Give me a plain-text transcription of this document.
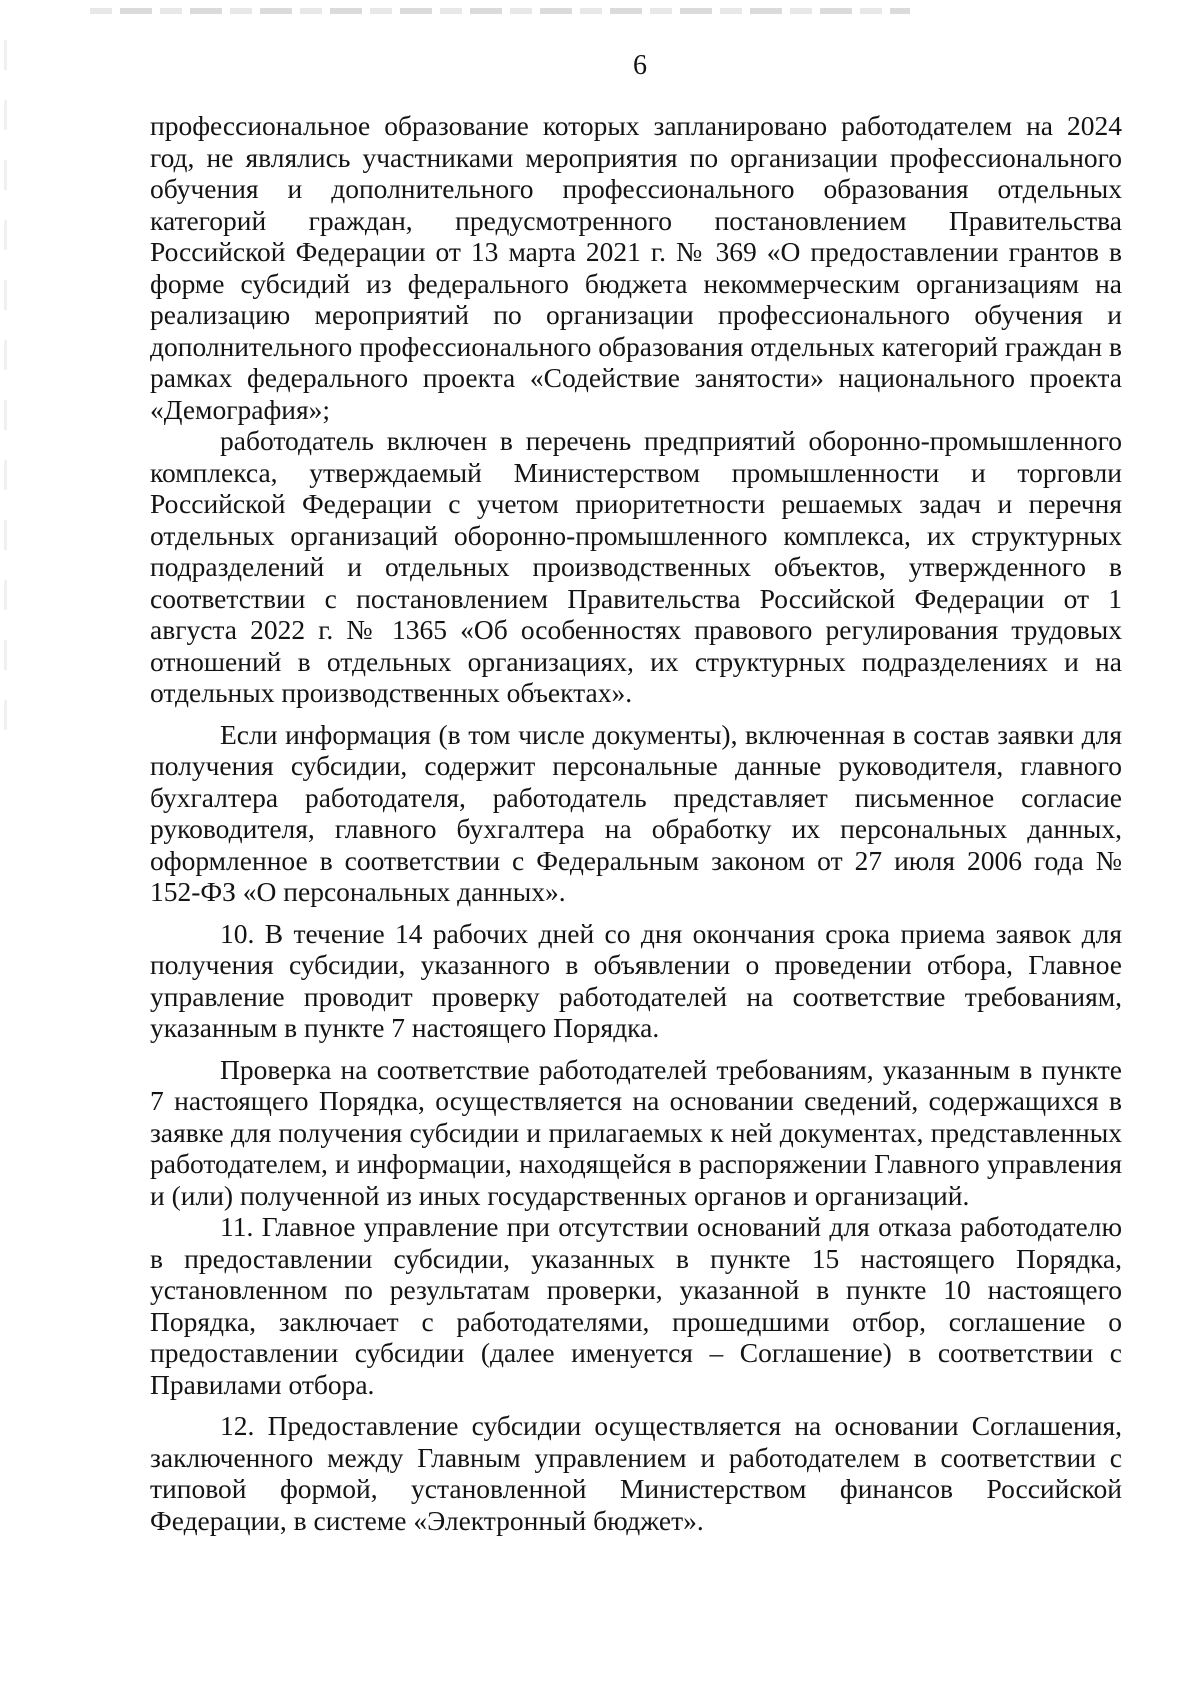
6

профессиональное образование которых запланировано работодателем на 2024 год, не являлись участниками мероприятия по организации профессионального обучения и дополнительного профессионального образования отдельных категорий граждан, предусмотренного постановлением Правительства Российской Федерации от 13 марта 2021 г. № 369 «О предоставлении грантов в форме субсидий из федерального бюджета некоммерческим организациям на реализацию мероприятий по организации профессионального обучения и дополнительного профессионального образования отдельных категорий граждан в рамках федерального проекта «Содействие занятости» национального проекта «Демография»;

работодатель включен в перечень предприятий оборонно-промышленного комплекса, утверждаемый Министерством промышленности и торговли Российской Федерации с учетом приоритетности решаемых задач и перечня отдельных организаций оборонно-промышленного комплекса, их структурных подразделений и отдельных производственных объектов, утвержденного в соответствии с постановлением Правительства Российской Федерации от 1 августа 2022 г. № 1365 «Об особенностях правового регулирования трудовых отношений в отдельных организациях, их структурных подразделениях и на отдельных производственных объектах».

Если информация (в том числе документы), включенная в состав заявки для получения субсидии, содержит персональные данные руководителя, главного бухгалтера работодателя, работодатель представляет письменное согласие руководителя, главного бухгалтера на обработку их персональных данных, оформленное в соответствии с Федеральным законом от 27 июля 2006 года № 152-ФЗ «О персональных данных».

10. В течение 14 рабочих дней со дня окончания срока приема заявок для получения субсидии, указанного в объявлении о проведении отбора, Главное управление проводит проверку работодателей на соответствие требованиям, указанным в пункте 7 настоящего Порядка.

Проверка на соответствие работодателей требованиям, указанным в пункте 7 настоящего Порядка, осуществляется на основании сведений, содержащихся в заявке для получения субсидии и прилагаемых к ней документах, представленных работодателем, и информации, находящейся в распоряжении Главного управления и (или) полученной из иных государственных органов и организаций.

11. Главное управление при отсутствии оснований для отказа работодателю в предоставлении субсидии, указанных в пункте 15 настоящего Порядка, установленном по результатам проверки, указанной в пункте 10 настоящего Порядка, заключает с работодателями, прошедшими отбор, соглашение о предоставлении субсидии (далее именуется – Соглашение) в соответствии с Правилами отбора.

12. Предоставление субсидии осуществляется на основании Соглашения, заключенного между Главным управлением и работодателем в соответствии с типовой формой, установленной Министерством финансов Российской Федерации, в системе «Электронный бюджет».
